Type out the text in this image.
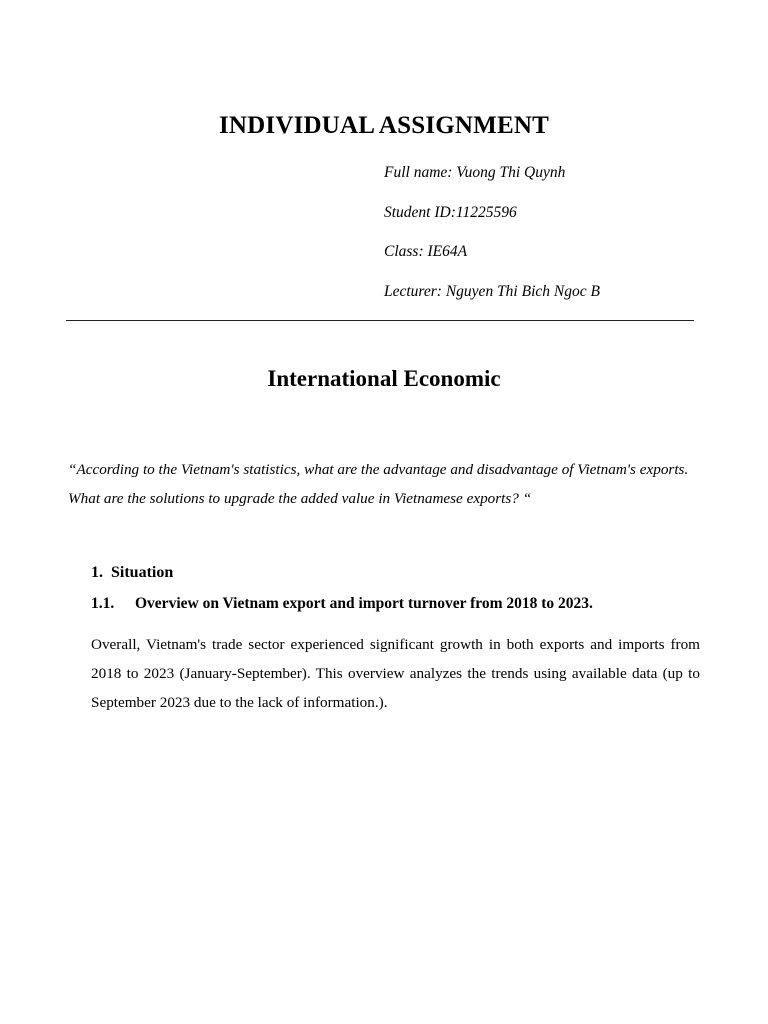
INDIVIDUAL ASSIGNMENT
Full name: Vuong Thi Quynh
Student ID:11225596
Class: IE64A
Lecturer: Nguyen Thi Bich Ngoc B
International Economic
“According to the Vietnam's statistics, what are the advantage and disadvantage of Vietnam's exports. What are the solutions to upgrade the added value in Vietnamese exports? “
1. Situation
1.1. Overview on Vietnam export and import turnover from 2018 to 2023.
Overall, Vietnam's trade sector experienced significant growth in both exports and imports from 2018 to 2023 (January-September). This overview analyzes the trends using available data (up to September 2023 due to the lack of information.).
